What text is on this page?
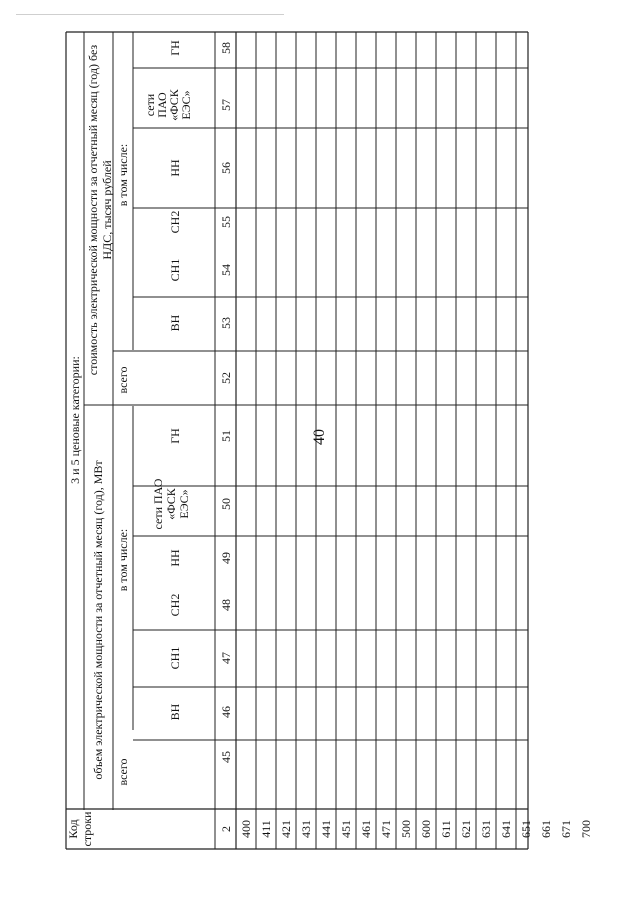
40
Код строки
3 и 5 ценовые категории:
объем электрической мощности за отчетный месяц (год), МВт
стоимость электрической мощности за отчетный месяц (год) без НДС, тысяч рублей
всего
всего
в том числе:
в том числе:
ВН
СН1
СН2
НН
сети ПАО «ФСК ЕЭС»
ГН
ВН
СН1
СН2
НН
сети
ПАО
«ФСК
ЕЭС»
ГН
2
45
46
47
48
49
50
51
52
53
54
55
56
57
58
400 411 421 431 441 451 461 471 500 600 611 621 631 641 651 661 671 700
